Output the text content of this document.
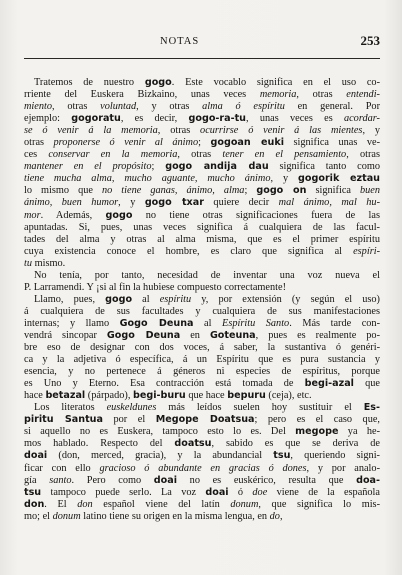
NOTAS	253
Tratemos de nuestro gogo. Este vocablo significa en el uso co-
rriente del Euskera Bizkaino, unas veces memoria, otras entendi-
miento, otras voluntad, y otras alma ó espíritu en general. Por
ejemplo: gogoratu, es decir, gogo-ra-tu, unas veces es acordar-
se ó venir á la memoria, otras ocurrirse ó venir á las mientes, y
otras proponerse ó venir al ánimo; gogoan euki significa unas ve-
ces conservar en la memoria, otras tener en el pensamiento, otras
mantener en el propósito; gogo andija dau significa tanto como
tiene mucha alma, mucho aguante, mucho ánimo, y gogorik eztau
lo mismo que no tiene ganas, ánimo, alma; gogo on significa buen
ánimo, buen humor, y gogo txar quiere decir mal ánimo, mal hu-
mor. Además, gogo no tiene otras significaciones fuera de las
apuntadas. Si, pues, unas veces significa á cualquiera de las facul-
tades del alma y otras al alma misma, que es el primer espíritu
cuya existencia conoce el hombre, es claro que significa al espíri-
tu mismo.
No tenía, por tanto, necesidad de inventar una voz nueva el
P. Larramendi. Y ¡si al fin la hubiese compuesto correctamente!
Llamo, pues, gogo al espíritu y, por extensión (y según el uso)
á cualquiera de sus facultades y cualquiera de sus manifestaciones
internas; y llamo Gogo Deuna al Espíritu Santo. Más tarde con-
vendrá sincopar Gogo Deuna en Goteuna, pues es realmente po-
bre eso de designar con dos voces, á saber, la sustantiva ó genéri-
ca y la adjetiva ó específica, á un Espíritu que es pura sustancia y
esencia, y no pertenece á géneros ni especies de espíritus, porque
es Uno y Eterno. Esa contracción está tomada de begi-azal que
hace betazal (párpado), begi-buru que hace bepuru (ceja), etc.
Los literatos euskeldunes más leídos suelen hoy sustituir el Es-
piritu Santua por el Megope Doatsua; pero es el caso que,
si aquello no es Euskera, tampoco esto lo es. Del megope ya he-
mos hablado. Respecto del doatsu, sabido es que se deriva de
doai (don, merced, gracia), y la abundancial tsu, queriendo signi-
ficar con ello gracioso ó abundante en gracias ó dones, y por analo-
gía santo. Pero como doai no es euskérico, resulta que doa-
tsu tampoco puede serlo. La voz doai ó doe viene de la española
don. El don español viene del latín donum, que significa lo mis-
mo; el donum latino tiene su origen en la misma lengua, en do,
